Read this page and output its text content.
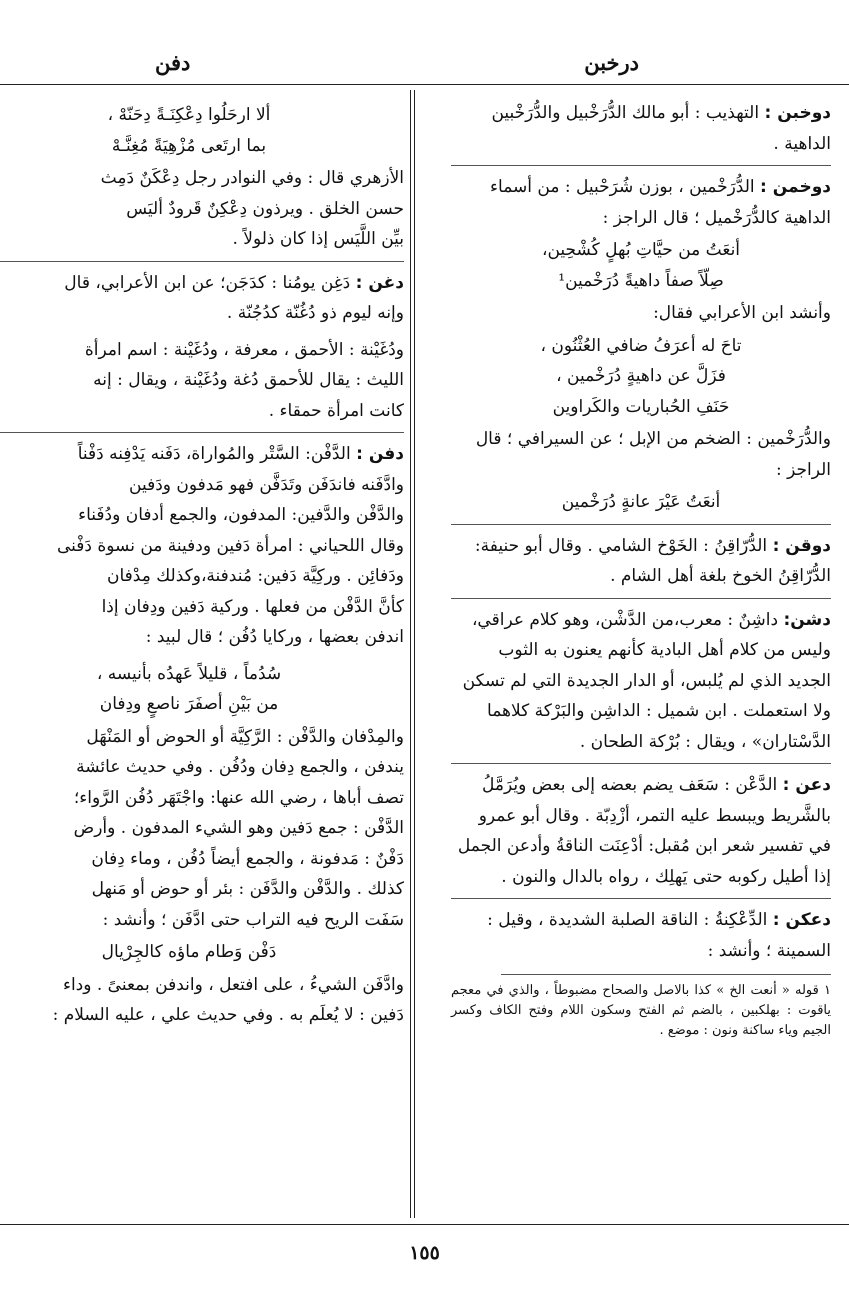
درخبن
دفن
دوخبن : التهذيب : أبو مالك الدُّرَخْبيل والدُّرَخْبين
الداهية .
دوخمن : الدُّرَخْمين ، بوزن شُرَحْبيل : من أسماء
الداهية كالدُّرَخْميل ؛ قال الراجز :
أنعَتُ من حيَّاتِ بُهلٍ كُشْحِين،
صِلّاً صفاً داهيةً دُرَخْمين¹
وأنشد ابن الأعرابي فقال:
تاحَ له أعرَفُ ضافي العُثْنُون ،
فزَلَّ عن داهيةٍ دُرَخْمين ،
حَنَفِ الحُباريات والكَراوين
والدُّرَخْمين : الضخم من الإبل ؛ عن السيرافي ؛ قال
الراجز :
أنعَتُ عَيْرَ عانةٍ دُرَخْمين
دوقن : الدُّرّاقِنُ : الخَوْخ الشامي . وقال أبو حنيفة:
الدُّرّاقِنُ الخوخ بلغة أهل الشام .
دشن: داشِنٌ : معرب،من الدَّشْن، وهو كلام عراقي،
وليس من كلام أهل البادية كأنهم يعنون به الثوب
الجديد الذي لم يُلبس، أو الدار الجديدة التي لم تسكن
ولا استعملت . ابن شميل : الداشِن والبَرْكة كلاهما
الدَّسْتاران» ، ويقال : بُرْكة الطحان .
دعن : الدَّعْن : سَعَف يضم بعضه إلى بعض ويُرَمَّلُ
بالشَّريط ويبسط عليه التمر، أزْدِبّة . وقال أبو عمرو
في تفسير شعر ابن مُقبل: أدْعِنَت الناقةُ وأدعن الجمل
إذا أطيل ركوبه حتى يَهلِك ، رواه بالدال والنون .
دعكن : الدِّعْكِنةُ : الناقة الصلبة الشديدة ، وقيل :
السمينة ؛ وأنشد :
١ قوله « أنعت الخ » كذا بالاصل والصحاح مضبوطاً ، والذي في معجم ياقوت : بهلكبين ، بالضم ثم الفتح وسكون اللام وفتح الكاف وكسر الجيم وياء ساكنة ونون : موضع .
ألا ارحَلُوا دِعْكِنَـةً دِحَنّهْ ،
بما ارتَعى مُزْهِيَةً مُغِنَّـهْ
الأزهري قال : وفي النوادر رجل دِعْكَنٌ دَمِث
حسن الخلق . ويرذون دِعْكِنٌ قَرودٌ أليَس
بيِّن اللَّيَس إذا كان ذلولاً .
دغن : دَغِن يومُنا : كدَجَن؛ عن ابن الأعرابي، قال
وإنه ليوم ذو دُغُنّة كدُجُنّة .
ودُغَيْنة : الأحمق ، معرفة ، ودُغَيْنة : اسم امرأة
الليث : يقال للأحمق دُغة ودُغَيْنة ، ويقال : إنه
كانت امرأة حمقاء .
دفن : الدَّفْن: السَّتْر والمُواراة، دَفَنه يَدْفِنه دَفْناً
وادَّفَنه فاندَفَن وتَدَفَّن فهو مَدفون ودَفين
والدَّفْن والدَّفين: المدفون، والجمع أدفان ودُفَناء
وقال اللحياني : امرأة دَفين ودفينة من نسوة دَفْنى
ودَفائِن . وركِيَّة دَفين: مُندفنة،وكذلك مِدْفان
كأنَّ الدَّفْن من فعلها . وركية دَفين ودِفان إذا
اندفن بعضها ، وركايا دُفُن ؛ قال لبيد :
سُدُماً ، قليلاً عَهدُه بأنيسه ،
من بَيْنِ أصفَرَ ناصعٍ ودِفان
والمِدْفان والدَّفْن : الرَّكِيَّة أو الحوض أو المَنْهَل
يندفن ، والجمع دِفان ودُفُن . وفي حديث عائشة
تصف أباها ، رضي الله عنها: واجْتَهَر دُفُن الرَّواء؛
الدَّفْن : جمع دَفين وهو الشيء المدفون . وأرض
دَفْنٌ : مَدفونة ، والجمع أيضاً دُفُن ، وماء دِفان
كذلك . والدَّفْن والدَّفَن : بئر أو حوض أو مَنهل
سَفَت الريح فيه التراب حتى ادَّفَن ؛ وأنشد :
دَفْن وَطام ماؤه كالجِرْيال
وادَّفَن الشيءُ ، على افتعل ، واندفن بمعنىً . وداء
دَفين : لا يُعلَم به . وفي حديث علي ، عليه السلام :
١٥٥
